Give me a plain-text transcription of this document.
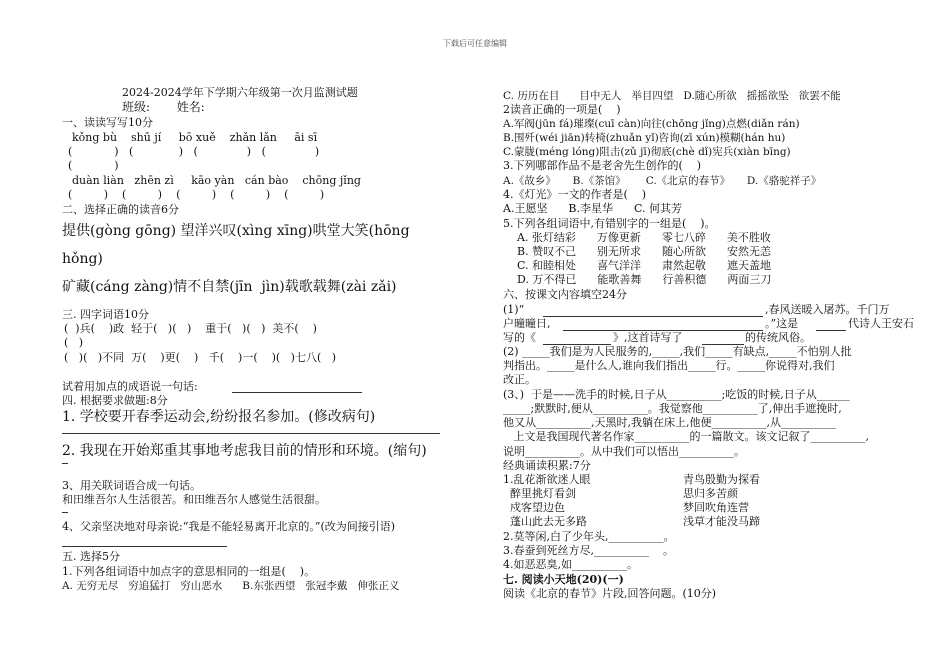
下载后可任意编辑
2024-2024学年下学期六年级第一次月监测试题
班级:       姓名:
一、读读写写10分
kǒng bù    shū jí     bō xuě    zhǎn lǎn     āi sī
(            )   (             )   (              )   (              )
(            )
duàn liàn   zhēn zì     kāo yàn   cán bào    chōng jǐng
(         )    (         )    (         )    (         )    (         )
二、选择正确的读音6分
提供(gòng gōng) 望洋兴叹(xìng xīng)哄堂大笑(hōng
hǒng)
矿藏(cáng zàng)情不自禁(jīn  jìn)载歌载舞(zài zǎi)
三. 四字词语10分
(  )兵(    )政  轻于(   )(   )    重于(   )(   )  美不(    )
(   )
(   )(   )不同  万(    )更(    )   千(    )一(    )(   )七八(   )
试着用加点的成语说一句话:
四. 根据要求做题:8分
1. 学校要开春季运动会,纷纷报名参加。(修改病句)
2. 我现在开始郑重其事地考虑我目前的情形和环境。(缩句)
3、用关联词语合成一句话。
和田维吾尔人生活很苦。和田维吾尔人感觉生活很甜。
4、父亲坚决地对母亲说:“我是不能轻易离开北京的。”(改为间接引语)
五. 选择5分
1.下列各组词语中加点字的意思相同的一组是(    )。
A. 无穷无尽   穷追猛打   穷山恶水      B.东张西望   张冠李戴   伸张正义
C. 历历在目      目中无人   举目四望   D.随心所欲   摇摇欲坠   欲罢不能
2读音正确的一项是(    )
A.军阀(jūn fá)璀璨(cuī càn)向往(chōng jǐng)点燃(diǎn rán)
B.围歼(wéi jiān)转椅(zhuǎn yǐ)咨询(zī xún)模糊(hán hu)
C.蒙胧(méng lóng)阻击(zǔ jī)彻底(chè dǐ)宪兵(xiàn bīng)
3.下列哪部作品不是老舍先生创作的(    )
A.《故乡》     B.《茶馆》      C.《北京的春节》     D.《骆驼祥子》
4.《灯光》一文的作者是(    )
A.王愿坚      B.李星华      C. 何其芳
5.下列各组词语中,有错别字的一组是(    )。
A. 张灯结彩      万像更新      零七八碎      美不胜收
B. 赞叹不己      别无所求      随心所欲      安然无恙
C. 和睦相处      喜气洋洋      肃然起敬      遮天盖地
D. 万不得已      能歌善舞      行善积德      两面三刀
六、按课文内容填空24分
(1)“	,春风送暖入屠苏。千门万
户曈曈日,	。”这是	代诗人王安石
写的《	》,这首诗写了	的传统风俗。
(2) _____我们是为人民服务的,_____,我们_____有缺点,_____不怕别人批
判指出。_____是什么人,谁向我们指出_____行。_____你说得对,我们
改正。
(3、)  于是——洗手的时候,日子从__________;吃饭的时候,日子从______
_____;默默时,便从__________。我觉察他__________了,伸出手遮挽时,
他又从__________,天黑时,我躺在床上,他便__________,从__________
上文是我国现代著名作家__________的一篇散文。该文记叙了__________,
说明__________。从中我们可以悟出__________。
经典诵读积累:7分
1.乱花渐欲迷人眼	青鸟殷勤为探看
醉里挑灯看剑	思归多苦颜
戍客望边色	梦回吹角连营
蓬山此去无多路	浅草才能没马蹄
2.莫等闲,白了少年头,__________。
3.春蚕到死丝方尽,__________    。
4.如恶恶臭,如__________。
七. 阅读小天地(20)(一)
阅读《北京的春节》片段,回答问题。(10分)
